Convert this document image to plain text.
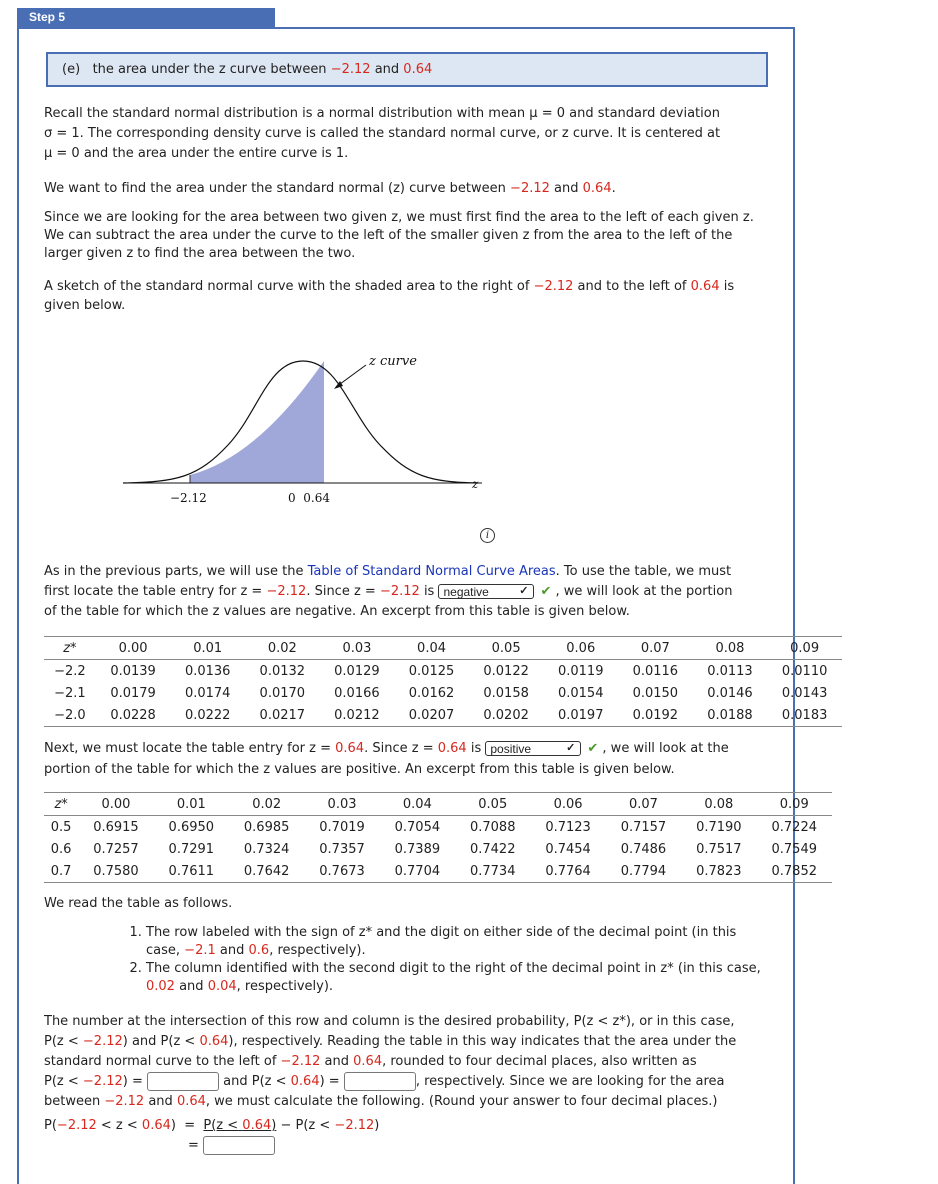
Step 5
(e) the area under the z curve between −2.12 and 0.64
Recall the standard normal distribution is a normal distribution with mean μ = 0 and standard deviation
σ = 1. The corresponding density curve is called the standard normal curve, or z curve. It is centered at
μ = 0 and the area under the entire curve is 1.
We want to find the area under the standard normal (z) curve between −2.12 and 0.64.
Since we are looking for the area between two given z, we must first find the area to the left of each given z.
We can subtract the area under the curve to the left of the smaller given z from the area to the left of the
larger given z to find the area between the two.
A sketch of the standard normal curve with the shaded area to the right of −2.12 and to the left of 0.64 is
given below.
z curve
z
−2.12	0  0.64
i
As in the previous parts, we will use the Table of Standard Normal Curve Areas. To use the table, we must
first locate the table entry for z = −2.12. Since z = −2.12 is negative	✓ ✔ , we will look at the portion
of the table for which the z values are negative. An excerpt from this table is given below.
z*	0.00	0.01	0.02	0.03	0.04	0.05	0.06	0.07	0.08	0.09
−2.2	0.0139	0.0136	0.0132	0.0129	0.0125	0.0122	0.0119	0.0116	0.0113	0.0110
−2.1	0.0179	0.0174	0.0170	0.0166	0.0162	0.0158	0.0154	0.0150	0.0146	0.0143
−2.0	0.0228	0.0222	0.0217	0.0212	0.0207	0.0202	0.0197	0.0192	0.0188	0.0183
Next, we must locate the table entry for z = 0.64. Since z = 0.64 is positive	✓ ✔ , we will look at the
portion of the table for which the z values are positive. An excerpt from this table is given below.
z*	0.00	0.01	0.02	0.03	0.04	0.05	0.06	0.07	0.08	0.09
0.5	0.6915	0.6950	0.6985	0.7019	0.7054	0.7088	0.7123	0.7157	0.7190	0.7224
0.6	0.7257	0.7291	0.7324	0.7357	0.7389	0.7422	0.7454	0.7486	0.7517	0.7549
0.7	0.7580	0.7611	0.7642	0.7673	0.7704	0.7734	0.7764	0.7794	0.7823	0.7852
We read the table as follows.
1. The row labeled with the sign of z* and the digit on either side of the decimal point (in this
case, −2.1 and 0.6, respectively).
2. The column identified with the second digit to the right of the decimal point in z* (in this case,
0.02 and 0.04, respectively).
The number at the intersection of this row and column is the desired probability, P(z < z*), or in this case,
P(z < −2.12) and P(z < 0.64), respectively. Reading the table in this way indicates that the area under the
standard normal curve to the left of −2.12 and 0.64, rounded to four decimal places, also written as
P(z < −2.12) =	and P(z < 0.64) =	, respectively. Since we are looking for the area
between −2.12 and 0.64, we must calculate the following. (Round your answer to four decimal places.)
P(−2.12 < z < 0.64) = P(z < 0.64) − P(z < −2.12)
=
